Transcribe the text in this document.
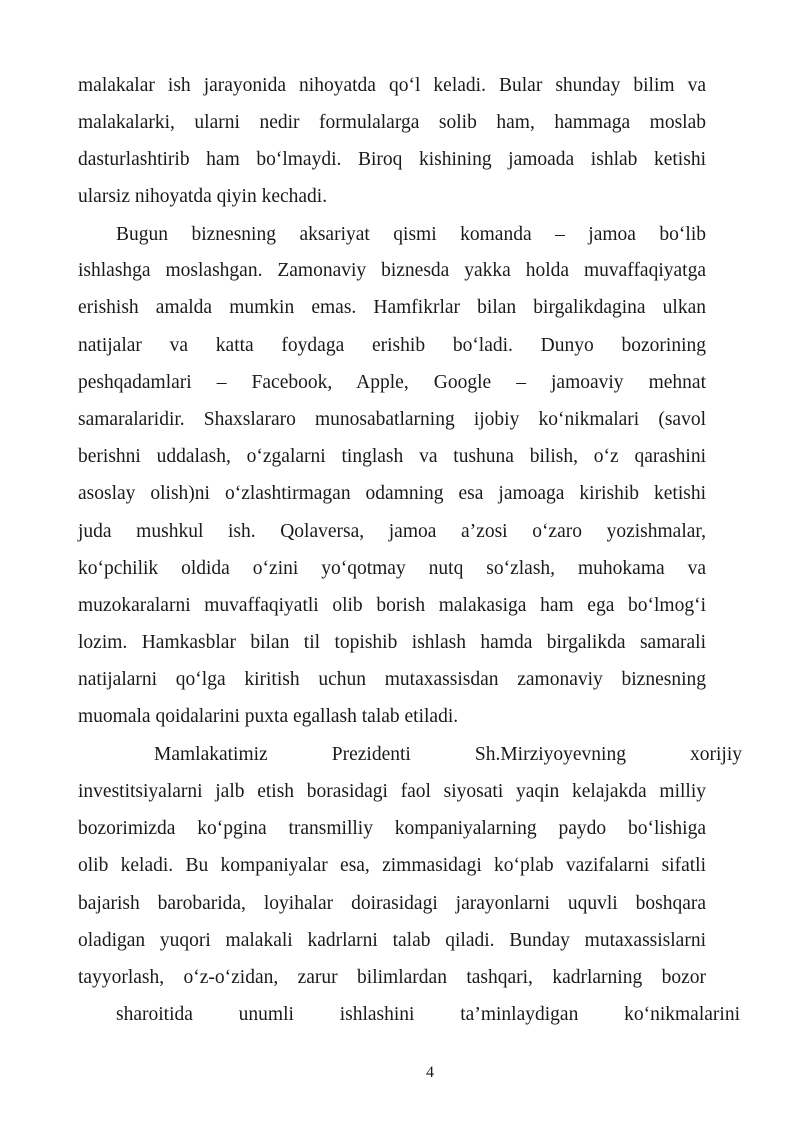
malakalar ish jarayonida nihoyatda qo‘l keladi. Bular shunday bilim va
malakalarki, ularni nedir formulalarga solib ham, hammaga moslab
dasturlashtirib ham bo‘lmaydi. Biroq kishining jamoada ishlab ketishi
ularsiz nihoyatda qiyin kechadi.
Bugun biznesning aksariyat qismi komanda – jamoa bo‘lib
ishlashga moslashgan. Zamonaviy biznesda yakka holda muvaffaqiyatga
erishish amalda mumkin emas. Hamfikrlar bilan birgalikdagina ulkan
natijalar va katta foydaga erishib bo‘ladi. Dunyo bozorining
peshqadamlari – Facebook, Apple, Google – jamoaviy mehnat
samaralaridir. Shaxslararo munosabatlarning ijobiy ko‘nikmalari (savol
berishni uddalash, o‘zgalarni tinglash va tushuna bilish, o‘z qarashini
asoslay olish)ni o‘zlashtirmagan odamning esa jamoaga kirishib ketishi
juda mushkul ish. Qolaversa, jamoa a’zosi o‘zaro yozishmalar,
ko‘pchilik oldida o‘zini yo‘qotmay nutq so‘zlash, muhokama va
muzokaralarni muvaffaqiyatli olib borish malakasiga ham ega bo‘lmog‘i
lozim. Hamkasblar bilan til topishib ishlash hamda birgalikda samarali
natijalarni qo‘lga kiritish uchun mutaxassisdan zamonaviy biznesning
muomala qoidalarini puxta egallash talab etiladi.
Mamlakatimiz Prezidenti Sh.Mirziyoyevning xorijiy
investitsiyalarni jalb etish borasidagi faol siyosati yaqin kelajakda milliy
bozorimizda ko‘pgina transmilliy kompaniyalarning paydo bo‘lishiga
olib keladi. Bu kompaniyalar esa, zimmasidagi ko‘plab vazifalarni sifatli
bajarish barobarida, loyihalar doirasidagi jarayonlarni uquvli boshqara
oladigan yuqori malakali kadrlarni talab qiladi. Bunday mutaxassislarni
tayyorlash, o‘z-o‘zidan, zarur bilimlardan tashqari, kadrlarning bozor
sharoitida unumli ishlashini ta’minlaydigan ko‘nikmalarini
4
